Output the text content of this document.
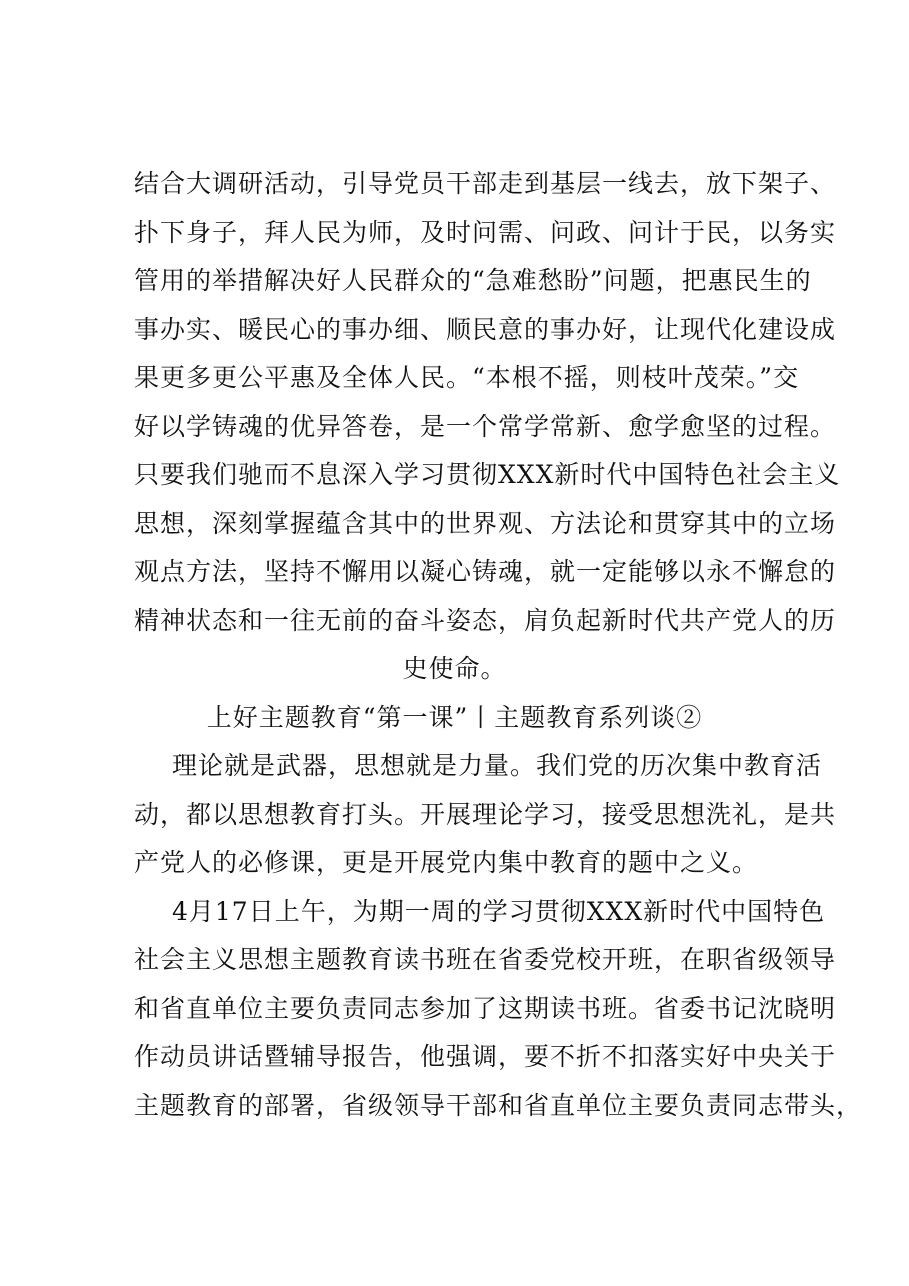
结合大调研活动，引导党员干部走到基层一线去，放下架子、
扑下身子，拜人民为师，及时问需、问政、问计于民，以务实
管用的举措解决好人民群众的“急难愁盼”问题，把惠民生的
事办实、暖民心的事办细、顺民意的事办好，让现代化建设成
果更多更公平惠及全体人民。“本根不摇，则枝叶茂荣。”交
好以学铸魂的优异答卷，是一个常学常新、愈学愈坚的过程。
只要我们驰而不息深入学习贯彻XXX新时代中国特色社会主义
思想，深刻掌握蕴含其中的世界观、方法论和贯穿其中的立场
观点方法，坚持不懈用以凝心铸魂，就一定能够以永不懈怠的
精神状态和一往无前的奋斗姿态，肩负起新时代共产党人的历
史使命。
上好主题教育“第一课”丨主题教育系列谈②
理论就是武器，思想就是力量。我们党的历次集中教育活
动，都以思想教育打头。开展理论学习，接受思想洗礼，是共
产党人的必修课，更是开展党内集中教育的题中之义。
4月17日上午，为期一周的学习贯彻XXX新时代中国特色
社会主义思想主题教育读书班在省委党校开班，在职省级领导
和省直单位主要负责同志参加了这期读书班。省委书记沈晓明
作动员讲话暨辅导报告，他强调，要不折不扣落实好中央关于
主题教育的部署，省级领导干部和省直单位主要负责同志带头，
